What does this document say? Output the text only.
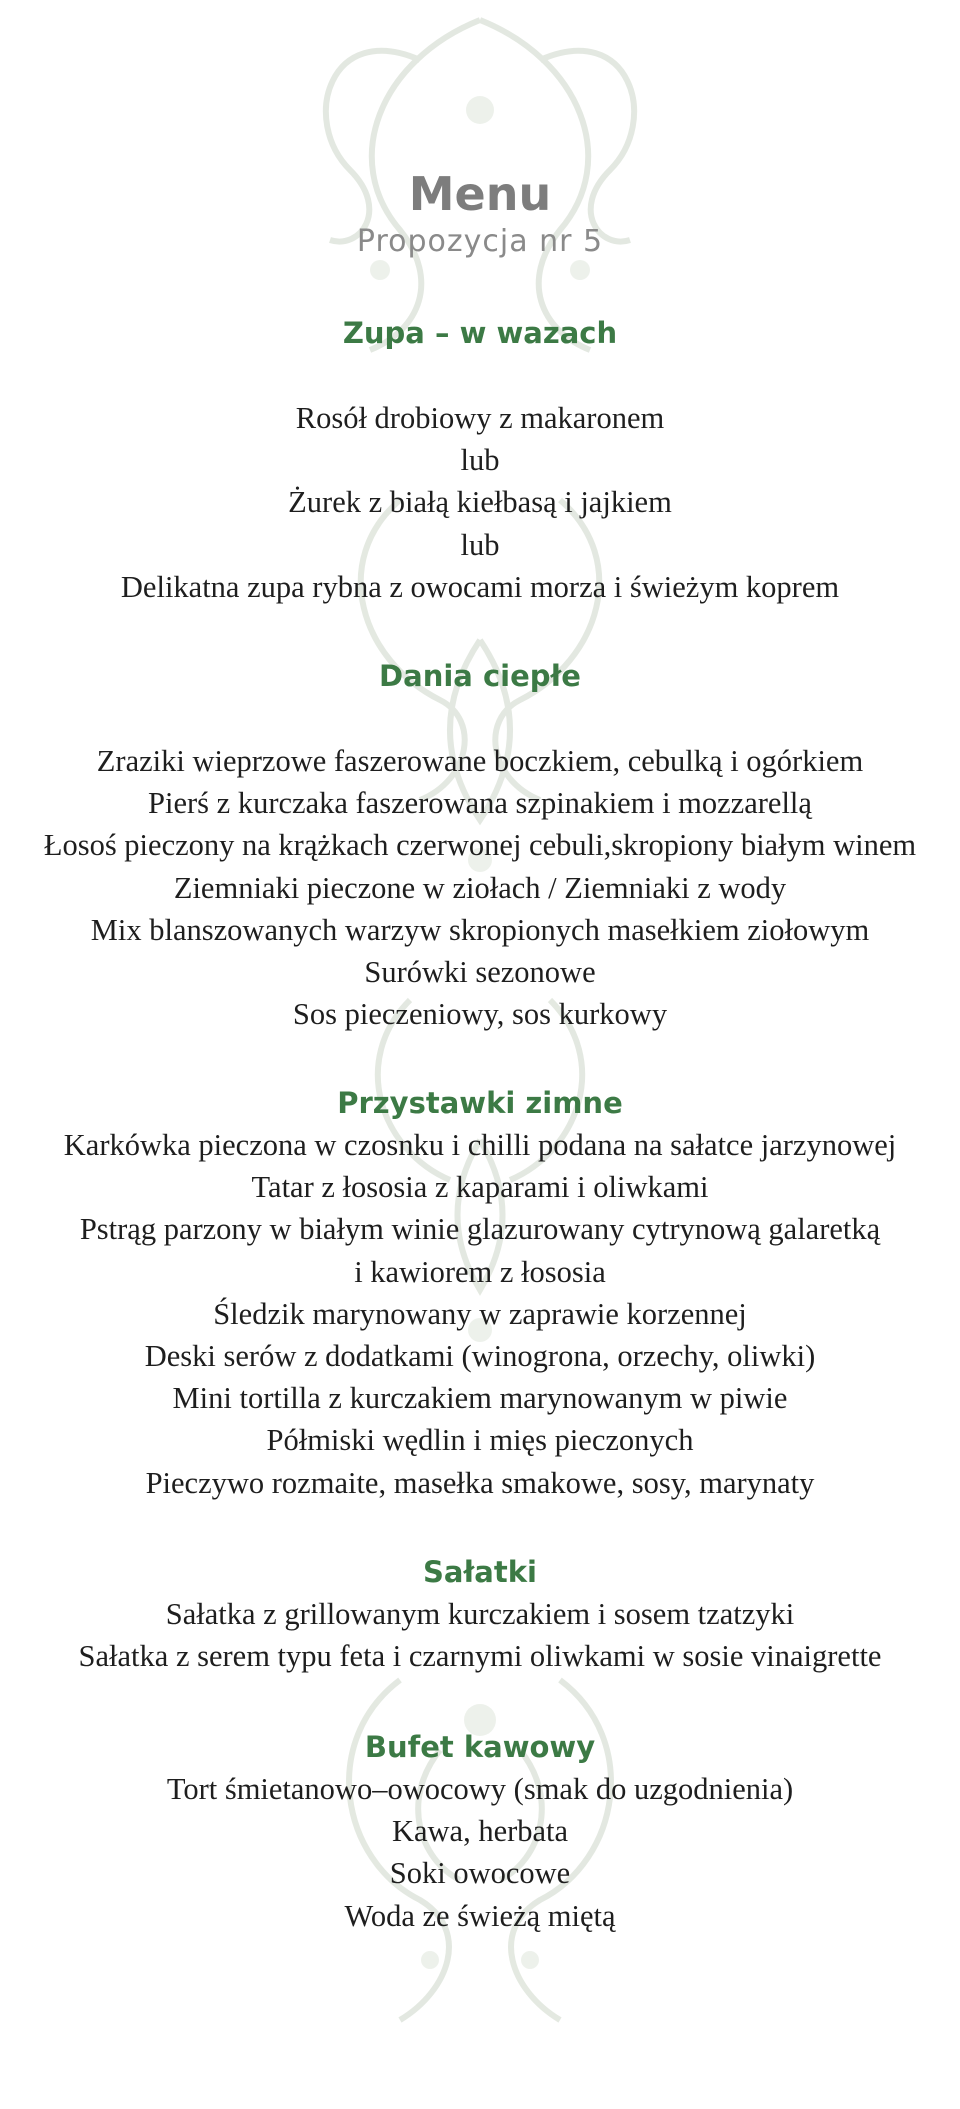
Menu
Propozycja nr 5
Zupa – w wazach
Rosół drobiowy z makaronem
lub
Żurek z białą kiełbasą i jajkiem
lub
Delikatna zupa rybna z owocami morza i świeżym koprem
Dania ciepłe
Zraziki wieprzowe faszerowane boczkiem, cebulką i ogórkiem
Pierś z kurczaka faszerowana szpinakiem i mozzarellą
Łosoś pieczony na krążkach czerwonej cebuli,skropiony białym winem
Ziemniaki pieczone w ziołach / Ziemniaki z wody
Mix blanszowanych warzyw skropionych masełkiem ziołowym
Surówki sezonowe
Sos pieczeniowy, sos kurkowy
Przystawki zimne
Karkówka pieczona w czosnku i chilli podana na sałatce jarzynowej
Tatar z łososia z kaparami i oliwkami
Pstrąg parzony w białym winie glazurowany cytrynową galaretką
i kawiorem z łososia
Śledzik marynowany w zaprawie korzennej
Deski serów z dodatkami (winogrona, orzechy, oliwki)
Mini tortilla z kurczakiem marynowanym w piwie
Półmiski wędlin i mięs pieczonych
Pieczywo rozmaite, masełka smakowe, sosy, marynaty
Sałatki
Sałatka z grillowanym kurczakiem i sosem tzatzyki
Sałatka z serem typu feta i czarnymi oliwkami w sosie vinaigrette
Bufet kawowy
Tort śmietanowo–owocowy (smak do uzgodnienia)
Kawa, herbata
Soki owocowe
Woda ze świeżą miętą
